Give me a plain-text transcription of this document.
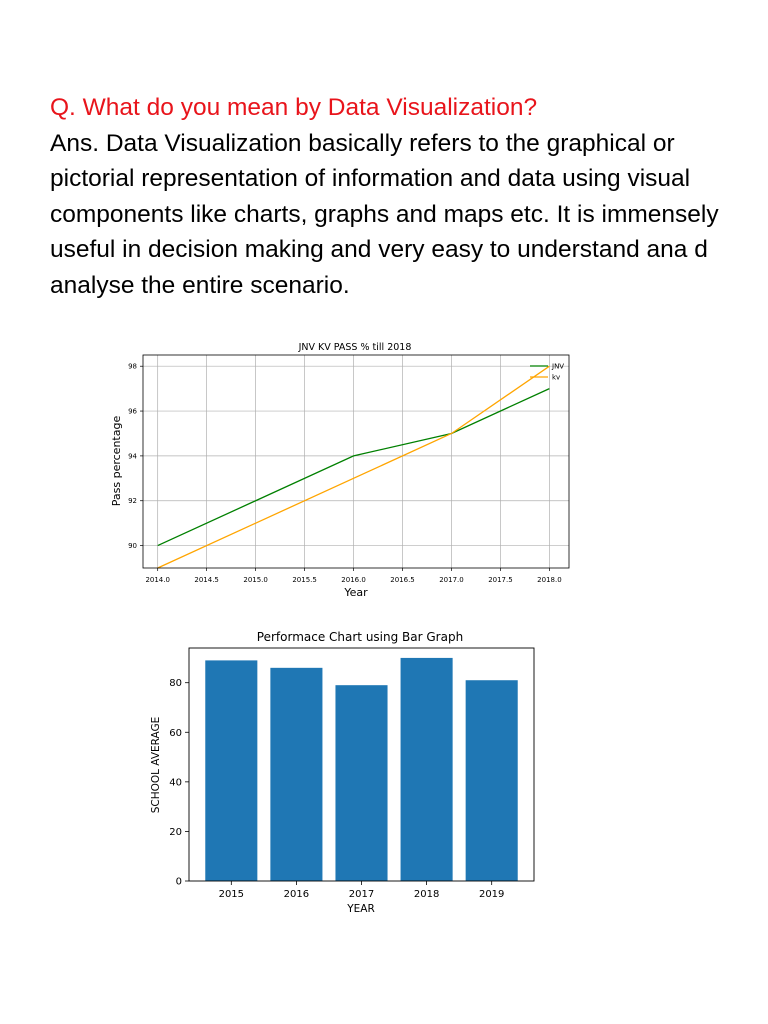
Q. What do you mean by Data Visualization?
Ans. Data Visualization basically refers to the graphical or pictorial representation of information and data using visual components like charts, graphs and maps etc. It is immensely useful in decision making and very easy to understand ana d analyse the entire scenario.
JNV KV PASS % till 2018
2014.0	2014.5	2015.0	2015.5	2016.0	2016.5	2017.0	2017.5	2018.0
90
92
94
96
98	JNV
kv
Year
Pass percentage
Performace Chart using Bar Graph
2015	2016	2017	2018	2019
0
20
40
60
80
YEAR
SCHOOL AVERAGE
